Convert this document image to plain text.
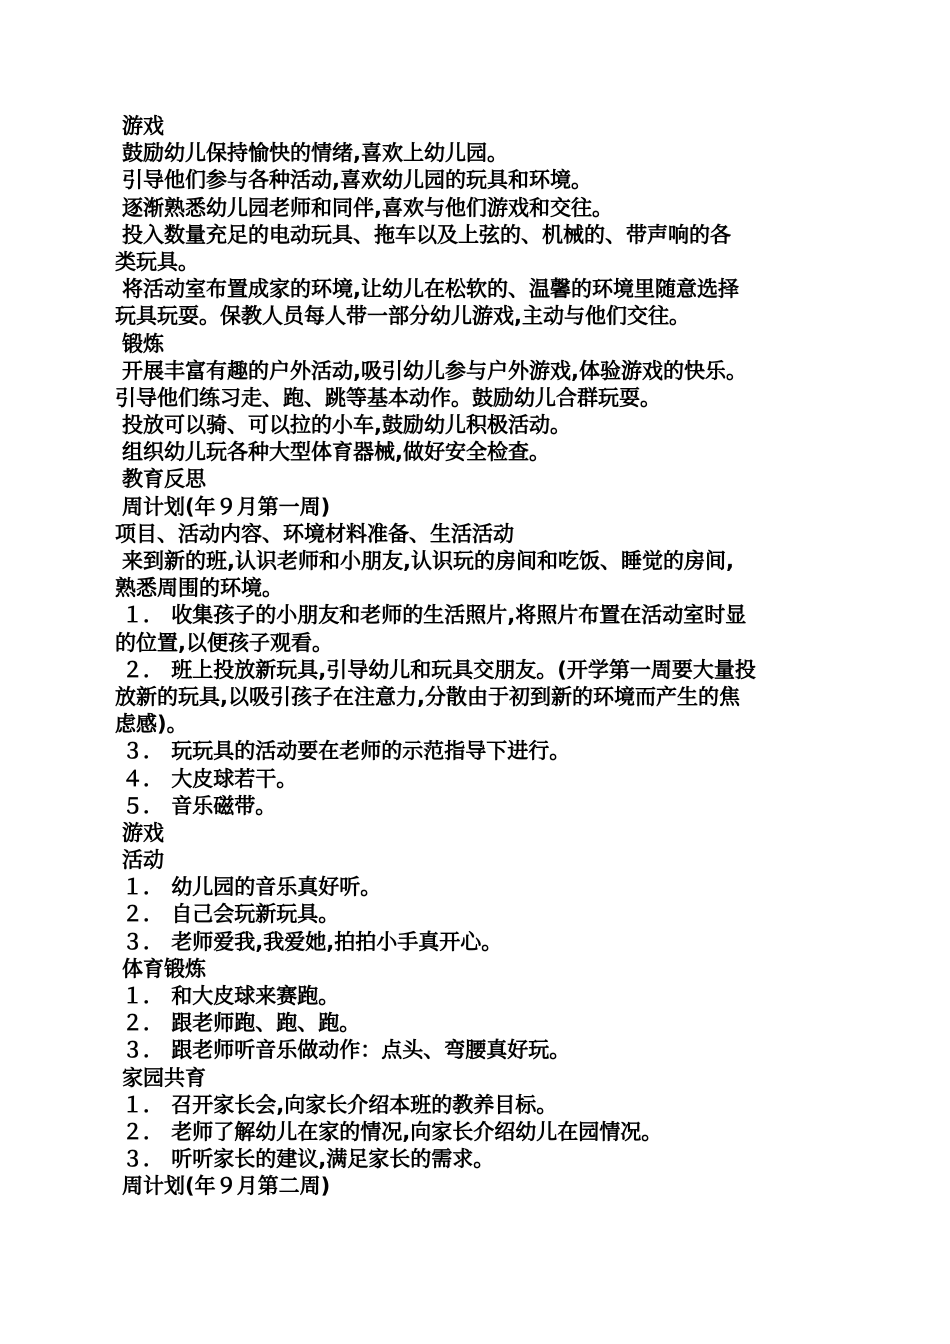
游戏
鼓励幼儿保持愉快的情绪,喜欢上幼儿园。
引导他们参与各种活动,喜欢幼儿园的玩具和环境。
逐渐熟悉幼儿园老师和同伴,喜欢与他们游戏和交往。
投入数量充足的电动玩具、拖车以及上弦的、机械的、带声响的各
类玩具。
将活动室布置成家的环境,让幼儿在松软的、温馨的环境里随意选择
玩具玩耍。保教人员每人带一部分幼儿游戏,主动与他们交往。
锻炼
开展丰富有趣的户外活动,吸引幼儿参与户外游戏,体验游戏的快乐。
引导他们练习走、跑、跳等基本动作。鼓励幼儿合群玩耍。
投放可以骑、可以拉的小车,鼓励幼儿积极活动。
组织幼儿玩各种大型体育器械,做好安全检查。
教育反思
周计划(年９月第一周)
项目、活动内容、环境材料准备、生活活动
来到新的班,认识老师和小朋友,认识玩的房间和吃饭、睡觉的房间,
熟悉周围的环境。
１． 收集孩子的小朋友和老师的生活照片,将照片布置在活动室时显
的位置,以便孩子观看。
２． 班上投放新玩具,引导幼儿和玩具交朋友。(开学第一周要大量投
放新的玩具,以吸引孩子在注意力,分散由于初到新的环境而产生的焦
虑感)。
３． 玩玩具的活动要在老师的示范指导下进行。
４． 大皮球若干。
５． 音乐磁带。
游戏
活动
１． 幼儿园的音乐真好听。
２． 自己会玩新玩具。
３． 老师爱我,我爱她,拍拍小手真开心。
体育锻炼
１． 和大皮球来赛跑。
２． 跟老师跑、跑、跑。
３． 跟老师听音乐做动作：点头、弯腰真好玩。
家园共育
１． 召开家长会,向家长介绍本班的教养目标。
２． 老师了解幼儿在家的情况,向家长介绍幼儿在园情况。
３． 听听家长的建议,满足家长的需求。
周计划(年９月第二周)
